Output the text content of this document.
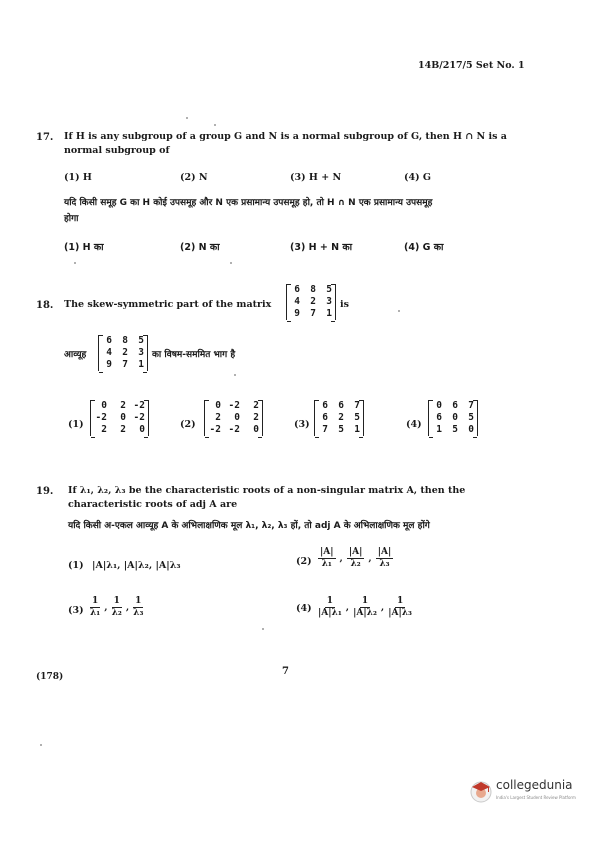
14B/217/5 Set No. 1
17. If H is any subgroup of a group G and N is a normal subgroup of G, then H ∩ N is a
normal subgroup of
(1) H	(2) N	(3) H + N	(4) G
यदि किसी समूह G का H कोई उपसमूह और N एक प्रसामान्य उपसमूह हो, तो H ∩ N एक प्रसामान्य उपसमूह
होगा
(1) H का	(2) N का	(3) H + N का	(4) G का
18. The skew-symmetric part of the matrix
6	8	5
4	2	3
9	7	1
is
6	8	5
4	2	3
9	7	1
आव्यूह	का विषम-सममित भाग है
(1)
0	2 -2
-2	0 -2
2	2	0	(2)
0 -2	2
2	0	2
-2 -2	0	(3)
6	6	7
6	2	5
7	5	1	(4)
0	6	7
6	0	5
1	5	0
19. If λ₁, λ₂, λ₃ be the characteristic roots of a non-singular matrix A, then the
characteristic roots of adj A are
यदि किसी अ-एकल आव्यूह A के अभिलाक्षणिक मूल λ₁, λ₂, λ₃ हों, तो adj A के अभिलाक्षणिक मूल होंगे
(1) |A|λ₁, |A|λ₂, |A|λ₃	$(2) \frac{|A|}{\text{λ₁}}$ , $\frac{|A|}{\text{λ₂}}$ , $\frac{|A|}{\text{λ₃}}$
$(3) \frac{1}{\text{λ₁}}$ , $\frac{1}{\text{λ₂}}$ , $\frac{1}{\text{λ₃}}$	$(4) \frac{1}{\text{|A|λ₁}}$ , $\frac{1}{\text{|A|λ₂}}$ , $\frac{1}{\text{|A|λ₃}}$
7
(178)
collegedunia
India's Largest Student Review Platform
